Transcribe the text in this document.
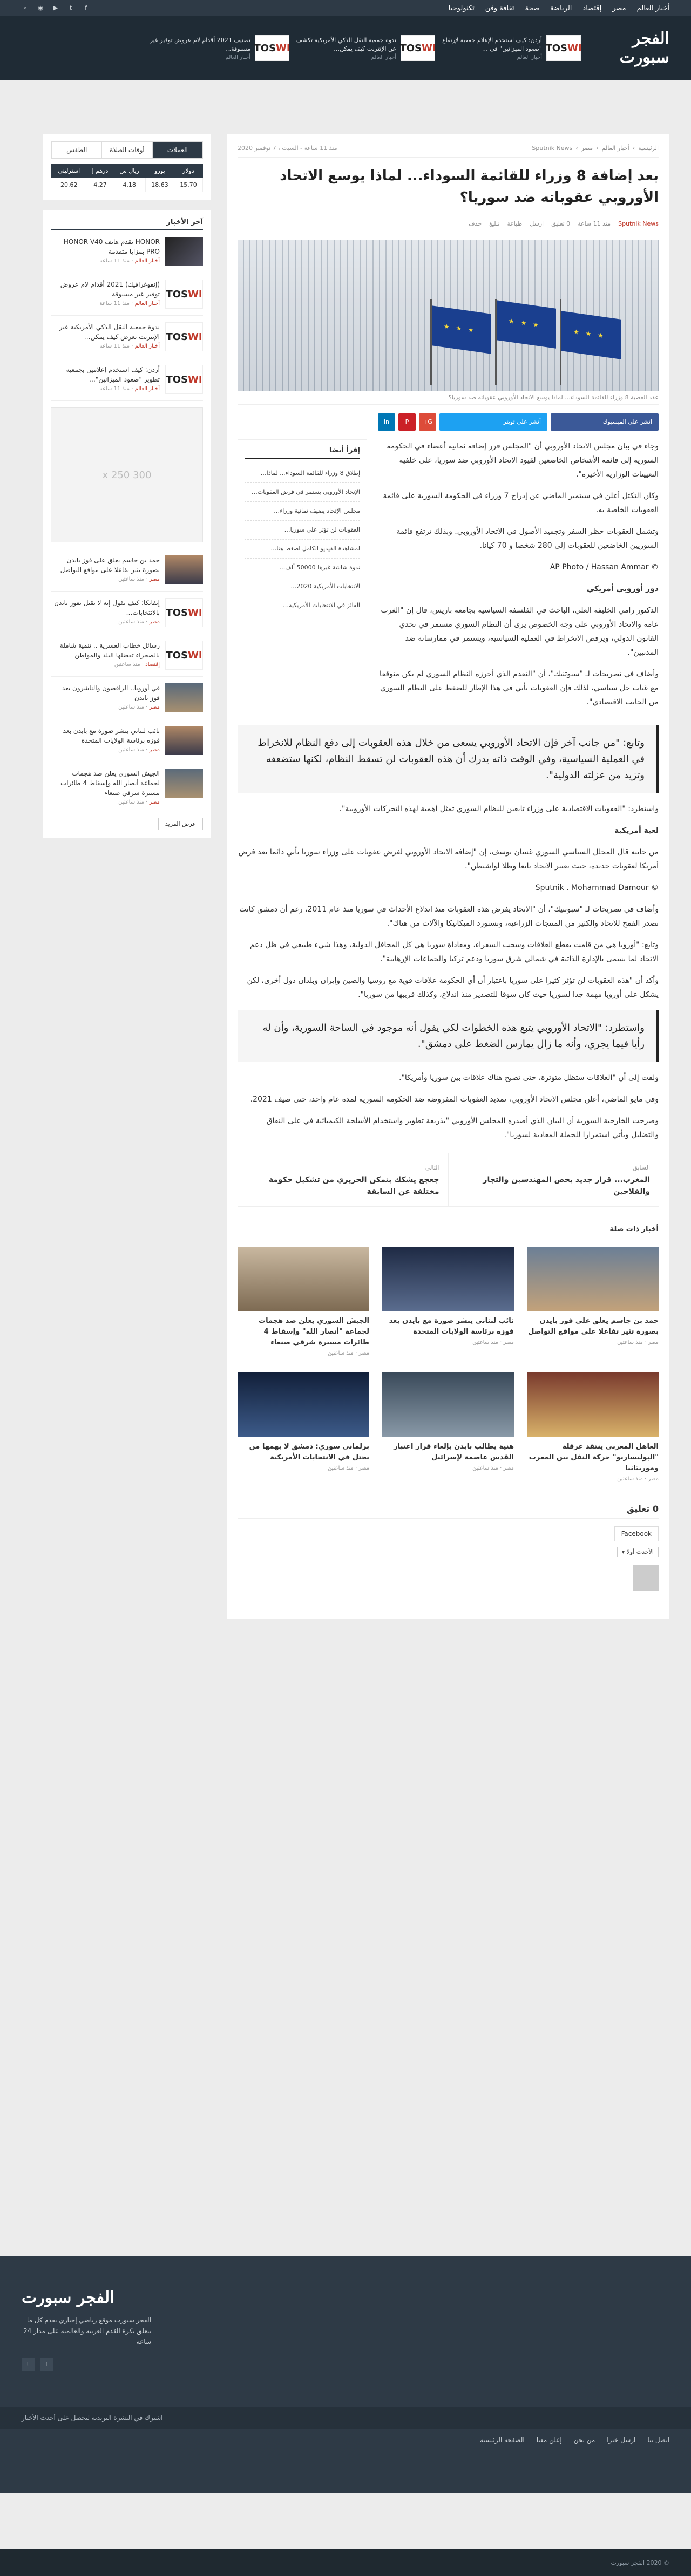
أخبار العالم
مصر
إقتصاد
الرياضة
صحة
ثقافة وفن
تكنولوجيا
f
t
▶
◉
⌕
الفجر سبورت
TOSWI
أردن: كيف استخدم الإعلام جمعية لإرتفاع "صعود الميزانين" في …
أخبار العالم
TOSWI
ندوة جمعية النقل الذكي الأمريكية تكشف عن الإنترنت كيف يمكن…
أخبار العالم
TOSWI
تصنيف 2021 أقدام لام عروض توفير غير مسبوقة…
أخبار العالم
الرئيسية
›
أخبار العالم
›
مصر
›
Sputnik News
منذ 11 ساعة - السبت ، 7 نوفمبر 2020
بعد إضافة 8 وزراء للقائمة السوداء... لماذا يوسع الاتحاد الأوروبي عقوباته ضد سوريا؟
Sputnik News
منذ 11 ساعة
0 تعليق
ارسل
طباعة
تبليغ
حذف
★ ★ ★
★ ★ ★
★ ★ ★
عقد العصبة 8 وزراء للقائمة السوداء... لماذا يوسع الاتحاد الأوروبي عقوباته ضد سوريا؟
انشر على الفيسبوك
أنشر على تويتر
G+
P
in

وجاء في بيان مجلس الاتحاد الأوروبي أن "المجلس قرر إضافة ثمانية أعضاء في الحكومة السورية إلى قائمة الأشخاص الخاضعين لقيود الاتحاد الأوروبي ضد سوريا، على خلفية التعيينات الوزارية الأخيرة".

وكان التكتل أعلن في سبتمبر الماضي عن إدراج 7 وزراء في الحكومة السورية على قائمة العقوبات الخاصة به.

وتشمل العقوبات حظر السفر وتجميد الأصول في الاتحاد الأوروبي. وبذلك ترتفع قائمة السوريين الخاضعين للعقوبات إلى 280 شخصا و 70 كيانا.

© AP Photo / Hassan Ammar

دور أوروبي أمريكي

الدكتور رامي الخليفة العلي، الباحث في الفلسفة السياسية بجامعة باريس، قال إن "الغرب عامة والاتحاد الأوروبي على وجه الخصوص يرى أن النظام السوري مستمر في تحدي القانون الدولي، ويرفض الانخراط في العملية السياسية، ويستمر في ممارساته ضد المدنيين".

وأضاف في تصريحات لـ "سبوتنيك"، أن "التقدم الذي أحرزه النظام السوري لم يكن متوقفا مع غياب حل سياسي، لذلك فإن العقوبات تأتي في هذا الإطار للضغط على النظام السوري من الجانب الاقتصادي".

إقرأ أيضا
إطلاق 8 وزراء للقائمة السوداء... لماذا…
الإتحاد الأوروبي يستمر في فرض العقوبات…
مجلس الإتحاد يضيف ثمانية وزراء…
العقوبات لن تؤثر على سوريا…
لمشاهدة الفيديو الكامل اضغط هنا…
ندوة شاشة غيرها 50000 ألف…
الانتخابات الأمريكية 2020…
الفائز في الانتخابات الأمريكية…
وتابع: "من جانب آخر فإن الاتحاد الأوروبي يسعى من خلال هذه العقوبات إلى دفع النظام للانخراط في العملية السياسية، وفي الوقت ذاته يدرك أن هذه العقوبات لن تسقط النظام، لكنها ستضعفه وتزيد من عزلته الدولية".

واستطرد: "العقوبات الاقتصادية على وزراء تابعين للنظام السوري تمثل أهمية لهذه التحركات الأوروبية".

لعبة أمريكية

من جانبه قال المحلل السياسي السوري غسان يوسف، إن "إضافة الاتحاد الأوروبي لفرض عقوبات على وزراء سوريا يأتي دائما بعد فرض أمريكا لعقوبات جديدة، حيث يعتبر الاتحاد تابعا وظلا لواشنطن".

© Sputnik . Mohammad Damour

وأضاف في تصريحات لـ "سبوتنيك"، أن "الاتحاد يفرض هذه العقوبات منذ اندلاع الأحداث في سوريا منذ عام 2011، رغم أن دمشق كانت تصدر القمح للاتحاد والكثير من المنتجات الزراعية، وتستورد الميكانيكا والآلات من هناك".

وتابع: "أوروبا هي من قامت بقطع العلاقات وسحب السفراء، ومعاداة سوريا هي كل المحافل الدولية، وهذا شيء طبيعي في ظل دعم الاتحاد لما يسمى بالإدارة الذاتية في شمالي شرق سوريا ودعم تركيا والجماعات الإرهابية".

وأكد أن "هذه العقوبات لن تؤثر كثيرا على سوريا باعتبار أن أي الحكومة علاقات قوية مع روسيا والصين وإيران وبلدان دول أخرى، لكن يشكل على أوروبا مهمة جدا لسوريا حيث كان سوقا للتصدير منذ اندلاع، وكذلك قريبها من سوريا".

واستطرد: "الاتحاد الأوروبي يتبع هذه الخطوات لكي يقول أنه موجود في الساحة السورية، وأن له رأيا فيما يجري، وأنه ما زال يمارس الضغط على دمشق".

ولفت إلى أن "العلاقات ستظل متوترة، حتى تصبح هناك علاقات بين سوريا وأمريكا".

وفي مايو الماضي، أعلن مجلس الاتحاد الأوروبي، تمديد العقوبات المفروضة ضد الحكومة السورية لمدة عام واحد، حتى صيف 2021.

وصرحت الخارجية السورية أن البيان الذي أصدره المجلس الأوروبي "بذريعة تطوير واستخدام الأسلحة الكيميائية في على النفاق والتضليل ويأتي استمرارا للحملة المعادية لسوريا".

السابق
المغرب... قرار جديد يخص المهندسين والتجار والفلاحين
التالي
جعجع يشكك بتمكن الحريري من تشكيل حكومة مختلفة عن السابقة
أخبار ذات صلة
حمد بن جاسم يعلق على فوز بايدن بصورة تثير تفاعلا على مواقع التواصل
مصر · منذ ساعتين
نائب لبناني ينشر صورة مع بايدن بعد فوزه برئاسة الولايات المتحدة
مصر · منذ ساعتين
الجيش السوري يعلن صد هجمات لجماعة "أنصار الله" وإسقاط 4 طائرات مسيرة شرقي صنعاء
مصر · منذ ساعتين
العاهل المغربي ينتقد عرقلة "البوليساريو" حركة النقل بين المغرب وموريتانيا
مصر · منذ ساعتين
هنية يطالب بايدن بإلغاء قرار اعتبار القدس عاصمة لإسرائيل
مصر · منذ ساعتين
برلماني سوري: دمشق لا يهمها من يحتل في الانتخابات الأمريكية
مصر · منذ ساعتين
0 تعليق
Facebook
الأحدث أولا ▾
العملات
أوقات الصلاة
الطقس
دولار	يورو	ريال س	درهم إ	استرليني
15.70	18.63	4.18	4.27	20.62
آخر الأخبار
HONOR تقدم هاتف HONOR V40 PRO بمزايا متقدمة
أخبار العالم · منذ 11 ساعة
TOSWI
(إنفوغرافيك) 2021 أقدام لام عروض توفير غير مسبوقة
أخبار العالم · منذ 11 ساعة
TOSWI
ندوة جمعية النقل الذكي الأمريكية عبر الإنترنت تعرض كيف يمكن…
أخبار العالم · منذ 11 ساعة
TOSWI
أردن: كيف استخدم إعلامين بجمعية تطوير "صعود الميزانين"…
أخبار العالم · منذ 11 ساعة
300 x 250
حمد بن جاسم يعلق على فوز بايدن بصورة تثير تفاعلا على مواقع التواصل
مصر · منذ ساعتين
TOSWI
إيفانكا: كيف يقول إنه لا يقبل بفوز بايدن بالانتخابات…
مصر · منذ ساعتين
TOSWI
رسائل خطاب العسرية .. تنمية شاملة بالصحراء تفضلها البلد والمواطن
إقتصاد · منذ ساعتين
في أوروبا.. الراقصون والناشرون بعد فوز بايدن
مصر · منذ ساعتين
نائب لبناني ينشر صورة مع بايدن بعد فوزه برئاسة الولايات المتحدة
مصر · منذ ساعتين
الجيش السوري يعلن صد هجمات لجماعة أنصار الله وإسقاط 4 طائرات مسيرة شرقي صنعاء
مصر · منذ ساعتين
عرض المزيد
الفجر سبورت
الفجر سبورت موقع رياضي إخباري يقدم كل ما يتعلق بكرة القدم العربية والعالمية على مدار 24 ساعة
f
t
اشترك في النشرة البريدية لتحصل على أحدث الأخبار
اتصل بنا
ارسل خبرا
من نحن
إعلن معنا
الصفحة الرئيسية
© 2020 الفجر سبورت
